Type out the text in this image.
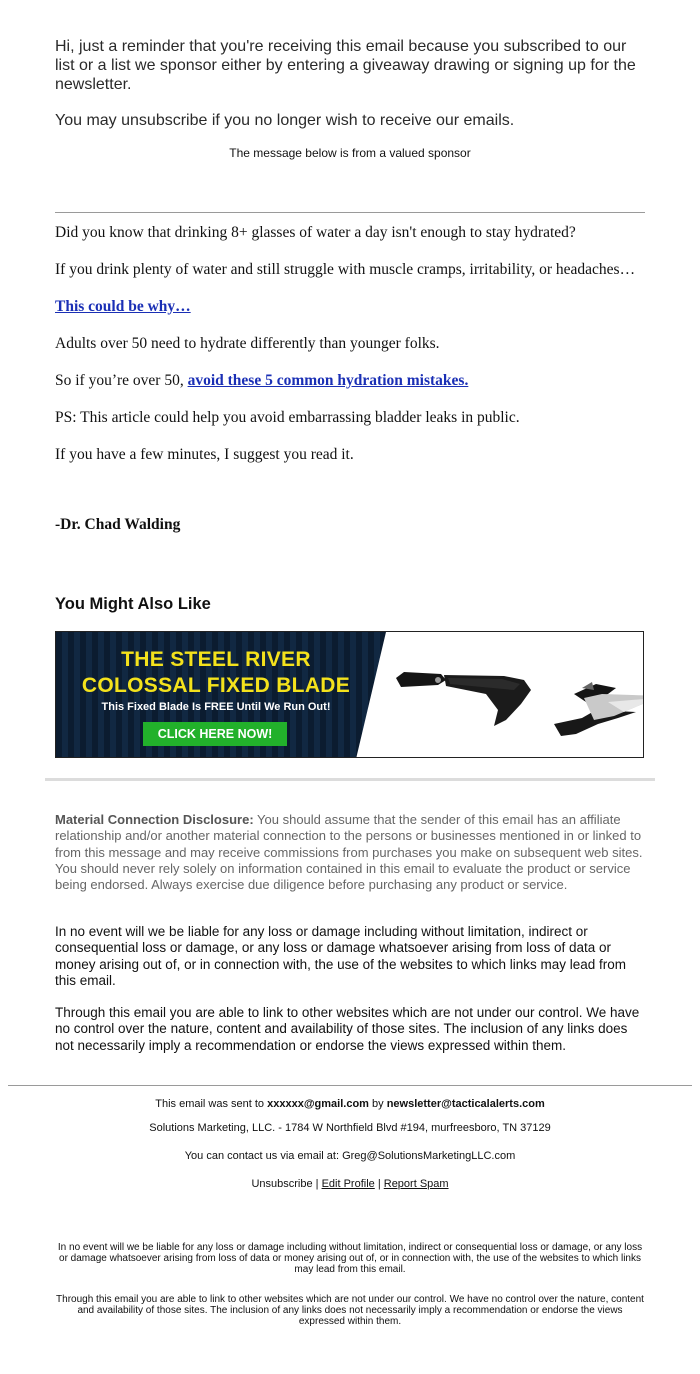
Hi, just a reminder that you're receiving this email because you subscribed to our list or a list we sponsor either by entering a giveaway drawing or signing up for the newsletter.

You may unsubscribe if you no longer wish to receive our emails.

The message below is from a valued sponsor

Did you know that drinking 8+ glasses of water a day isn't enough to stay hydrated?

If you drink plenty of water and still struggle with muscle cramps, irritability, or headaches…

This could be why…

Adults over 50 need to hydrate differently than younger folks.

So if you’re over 50, avoid these 5 common hydration mistakes.

PS: This article could help you avoid embarrassing bladder leaks in public.

If you have a few minutes, I suggest you read it.

-Dr. Chad Walding
You Might Also Like
THE STEEL RIVER
COLOSSAL FIXED BLADE
This Fixed Blade Is FREE Until We Run Out!
CLICK HERE NOW!

Material Connection Disclosure: You should assume that the sender of this email has an affiliate relationship and/or another material connection to the persons or businesses mentioned in or linked to from this message and may receive commissions from purchases you make on subsequent web sites. You should never rely solely on information contained in this email to evaluate the product or service being endorsed. Always exercise due diligence before purchasing any product or service.

In no event will we be liable for any loss or damage including without limitation, indirect or consequential loss or damage, or any loss or damage whatsoever arising from loss of data or money arising out of, or in connection with, the use of the websites to which links may lead from this email.

Through this email you are able to link to other websites which are not under our control. We have no control over the nature, content and availability of those sites. The inclusion of any links does not necessarily imply a recommendation or endorse the views expressed within them.

This email was sent to xxxxxx@gmail.com by newsletter@tacticalalerts.com
Solutions Marketing, LLC. - 1784 W Northfield Blvd #194, murfreesboro, TN 37129
You can contact us via email at: Greg@SolutionsMarketingLLC.com
Unsubscribe | Edit Profile | Report Spam
In no event will we be liable for any loss or damage including without limitation, indirect or consequential loss or damage, or any loss or damage whatsoever arising from loss of data or money arising out of, or in connection with, the use of the websites to which links may lead from this email.
Through this email you are able to link to other websites which are not under our control. We have no control over the nature, content and availability of those sites. The inclusion of any links does not necessarily imply a recommendation or endorse the views expressed within them.
